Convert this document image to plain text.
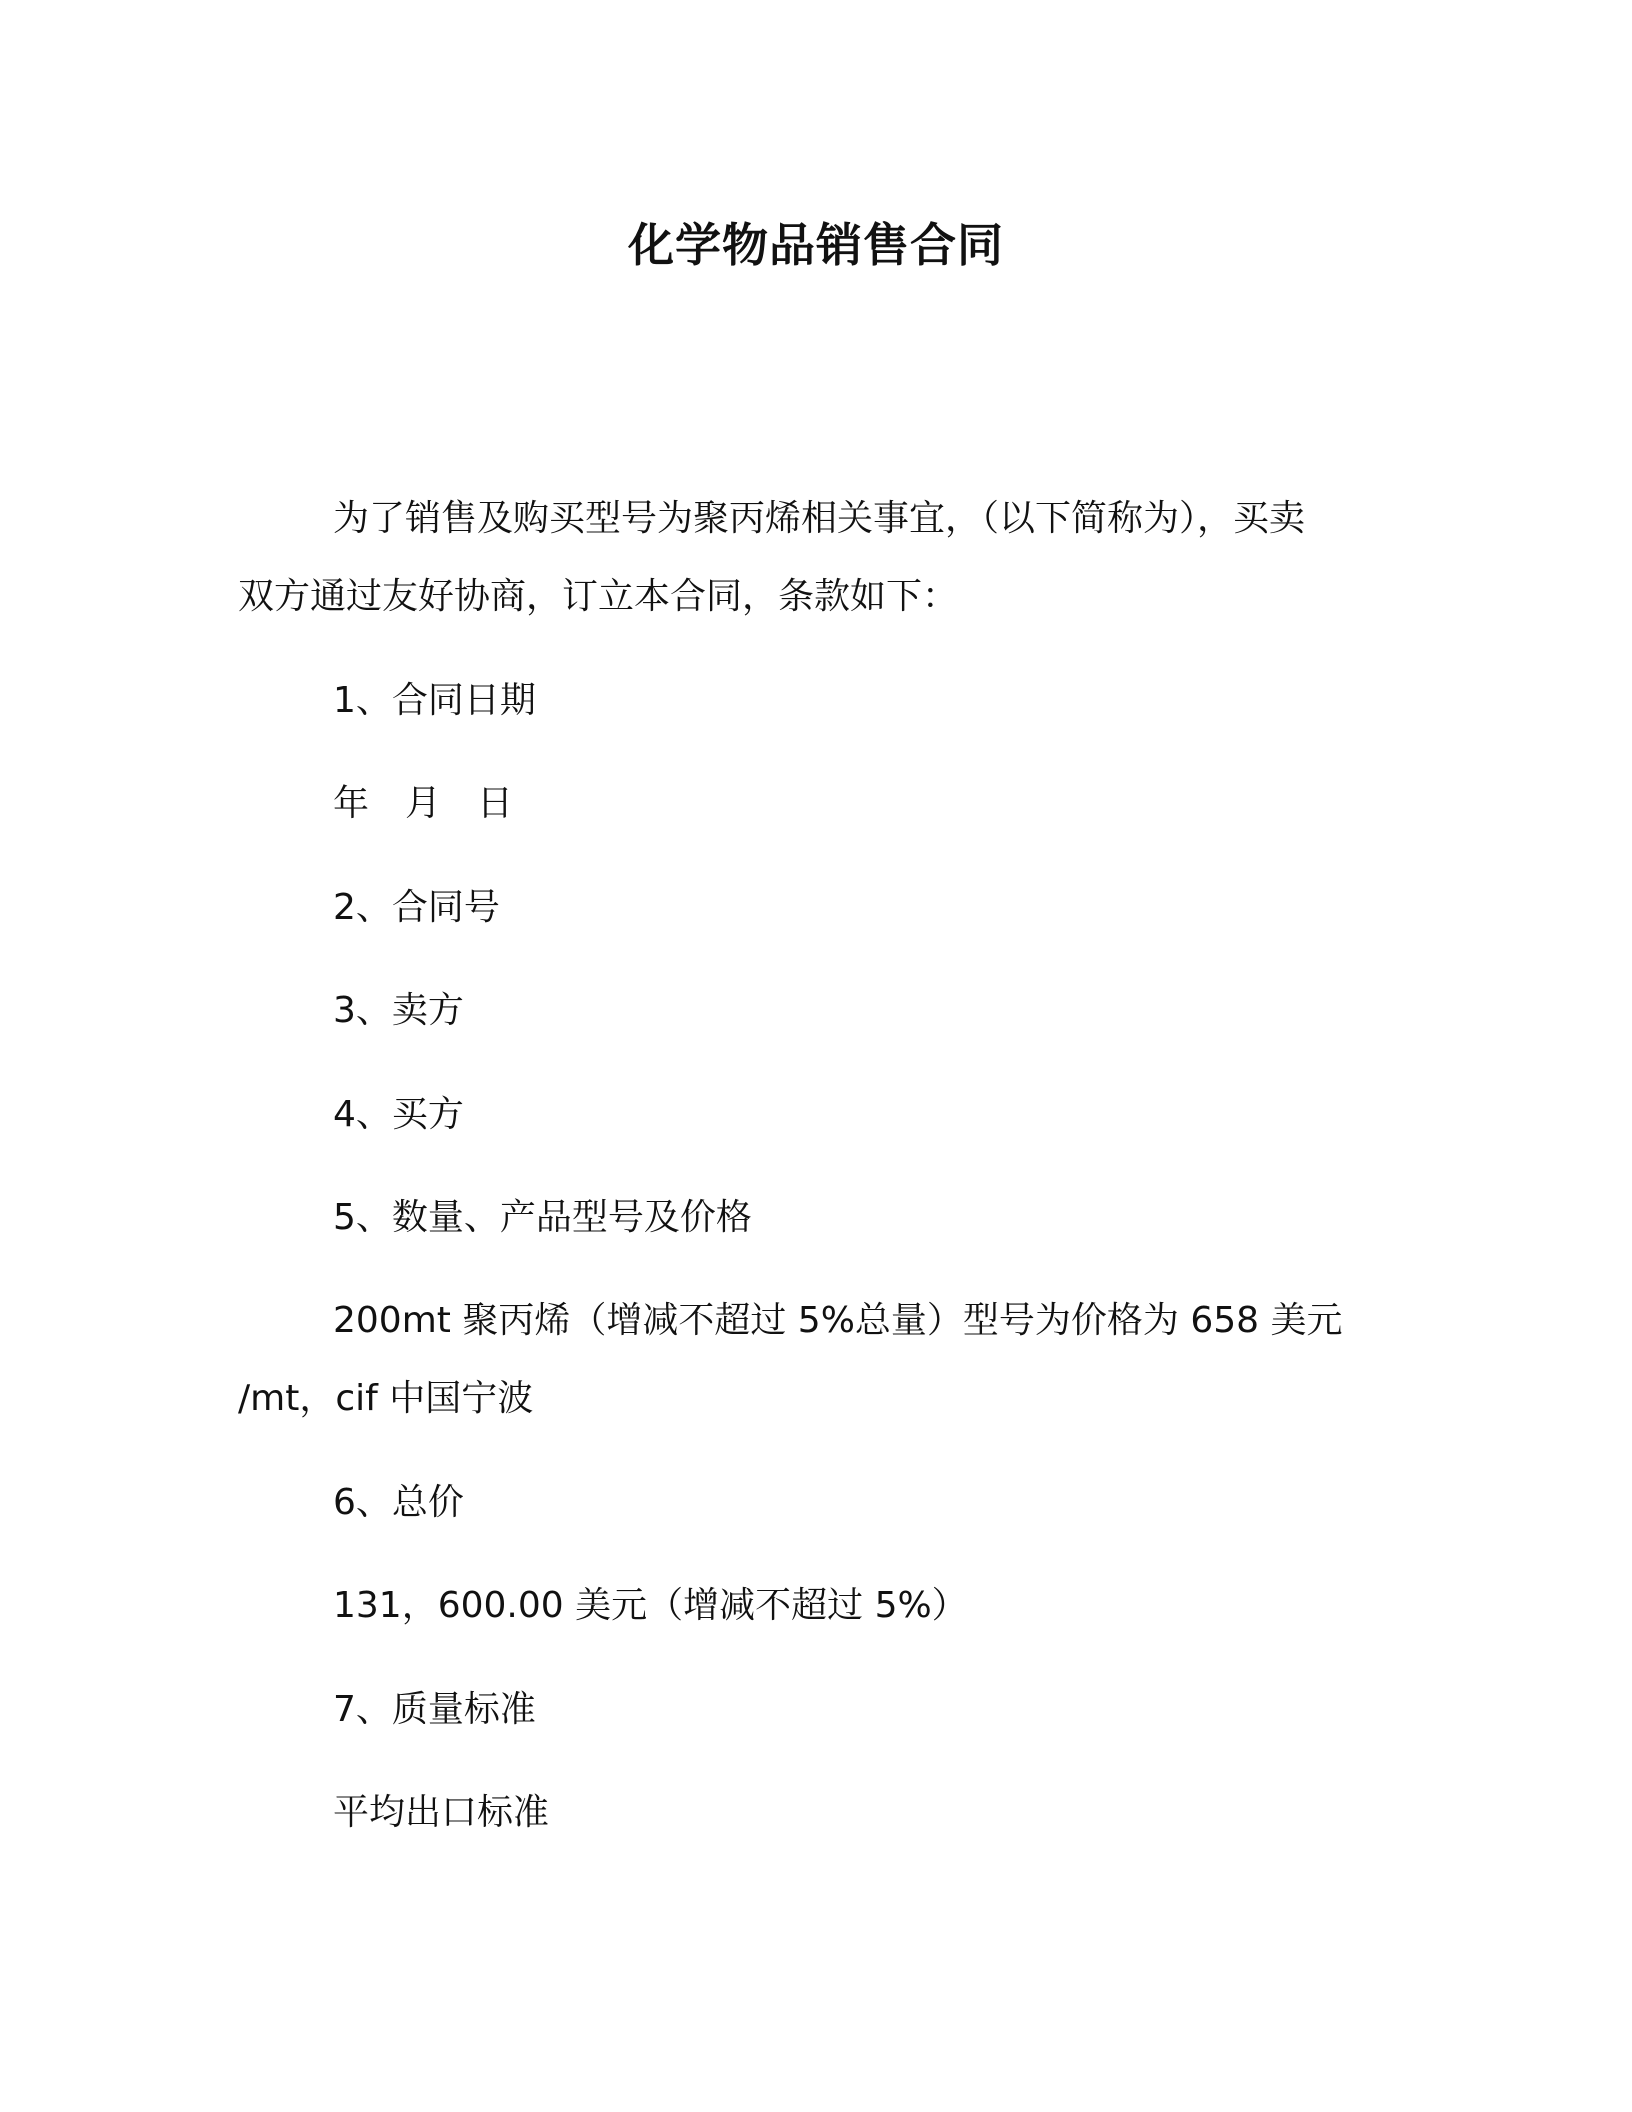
化学物品销售合同
为了销售及购买型号为聚丙烯相关事宜，（以下简称为），买卖
双方通过友好协商，订立本合同，条款如下：
1、合同日期
年　月　日
2、合同号
3、卖方
4、买方
5、数量、产品型号及价格
200mt 聚丙烯（增减不超过 5%总量）型号为价格为 658 美元
/mt，cif 中国宁波
6、总价
131，600.00 美元（增减不超过 5%）
7、质量标准
平均出口标准
